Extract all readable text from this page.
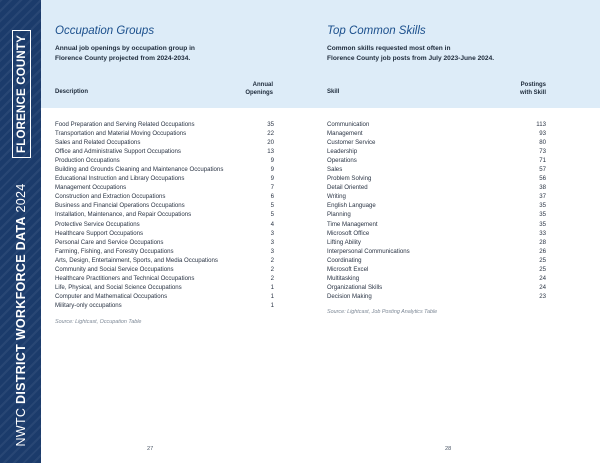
FLORENCE COUNTY
NWTC DISTRICT WORKFORCE DATA 2024
Occupation Groups
Annual job openings by occupation group in
Florence County projected from 2024-2034.
Description
Annual
Openings
Top Common Skills
Common skills requested most often in
Florence County job posts from July 2023-June 2024.
Skill
Postings
with Skill
Food Preparation and Serving Related Occupations	35
Transportation and Material Moving Occupations	22
Sales and Related Occupations	20
Office and Administrative Support Occupations	13
Production Occupations	9
Building and Grounds Cleaning and Maintenance Occupations	9
Educational Instruction and Library Occupations	9
Management Occupations	7
Construction and Extraction Occupations	6
Business and Financial Operations Occupations	5
Installation, Maintenance, and Repair Occupations	5
Protective Service Occupations	4
Healthcare Support Occupations	3
Personal Care and Service Occupations	3
Farming, Fishing, and Forestry Occupations	3
Arts, Design, Entertainment, Sports, and Media Occupations	2
Community and Social Service Occupations	2
Healthcare Practitioners and Technical Occupations	2
Life, Physical, and Social Science Occupations	1
Computer and Mathematical Occupations	1
Military-only occupations	1
Source: Lightcast, Occupation Table
Communication	113
Management	93
Customer Service	80
Leadership	73
Operations	71
Sales	57
Problem Solving	56
Detail Oriented	38
Writing	37
English Language	35
Planning	35
Time Management	35
Microsoft Office	33
Lifting Ability	28
Interpersonal Communications	26
Coordinating	25
Microsoft Excel	25
Multitasking	24
Organizational Skills	24
Decision Making	23
Source: Lightcast, Job Posting Analytics Table
27	28
